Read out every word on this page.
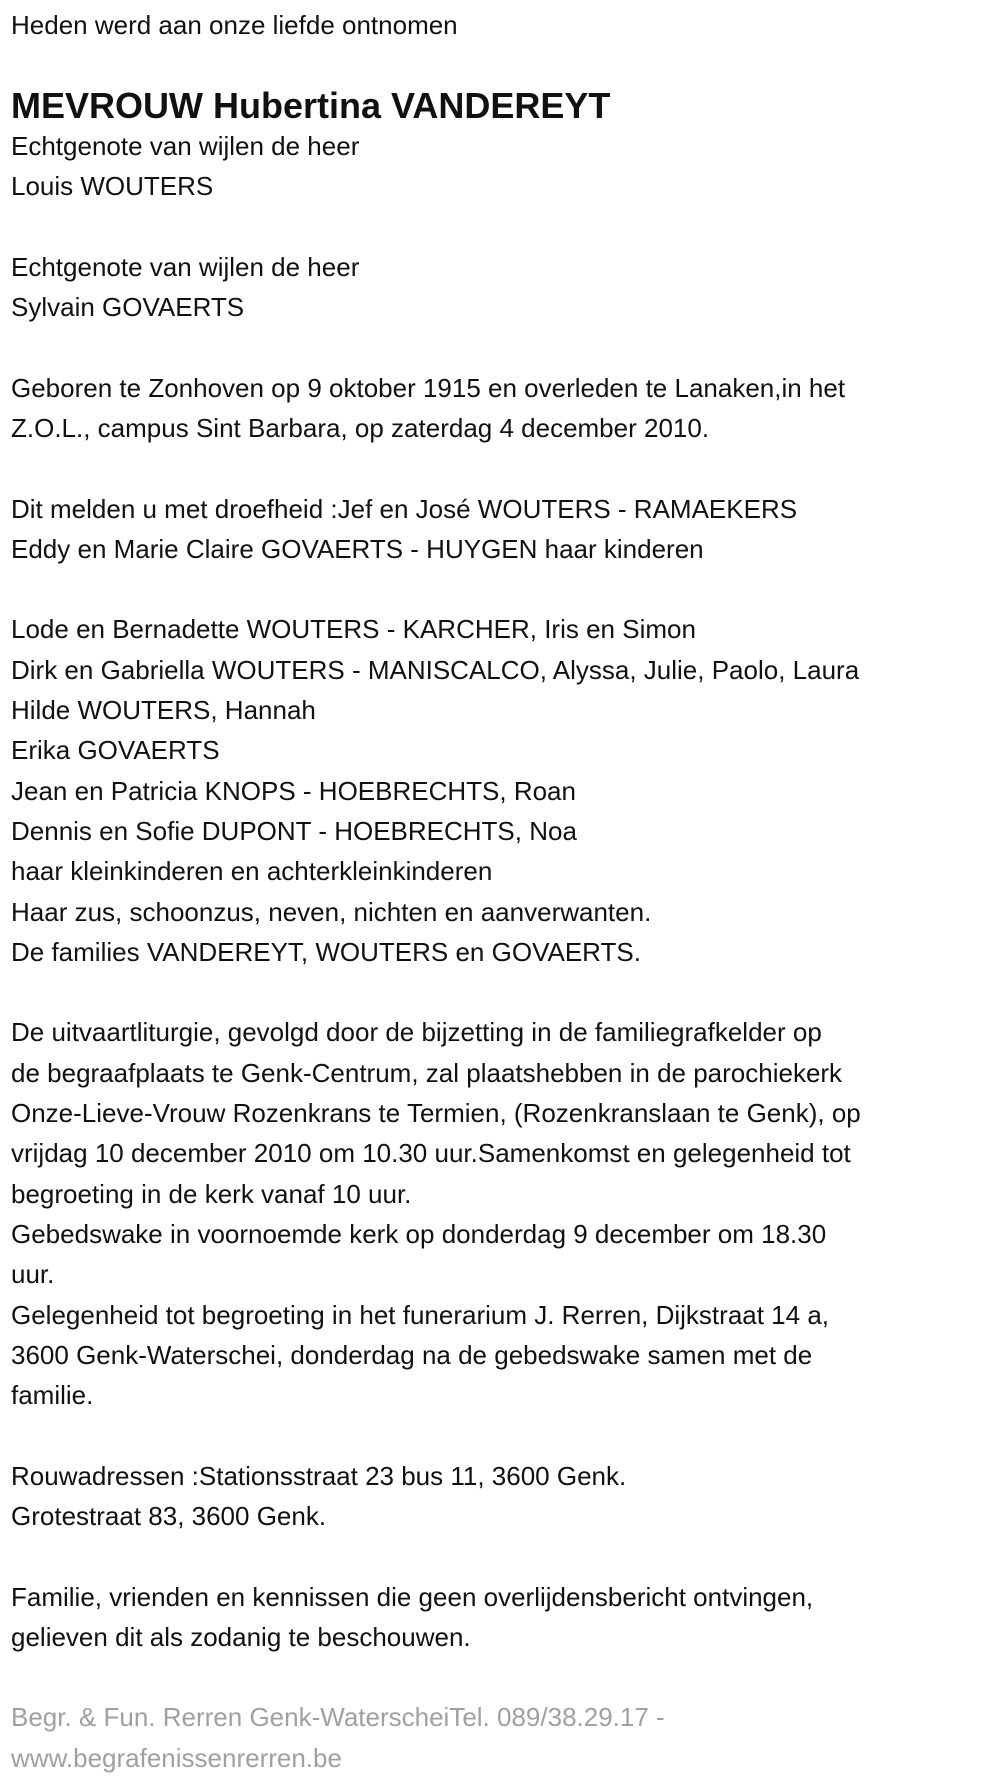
Heden werd aan onze liefde ontnomen
MEVROUW Hubertina VANDEREYT
Echtgenote van wijlen de heer
Louis WOUTERS
Echtgenote van wijlen de heer
Sylvain GOVAERTS
Geboren te Zonhoven op 9 oktober 1915 en overleden te Lanaken,in het
Z.O.L., campus Sint Barbara, op zaterdag 4 december 2010.
Dit melden u met droefheid :Jef en José WOUTERS - RAMAEKERS
Eddy en Marie Claire GOVAERTS - HUYGEN haar kinderen
Lode en Bernadette WOUTERS - KARCHER, Iris en Simon
Dirk en Gabriella WOUTERS - MANISCALCO, Alyssa, Julie, Paolo, Laura
Hilde WOUTERS, Hannah
Erika GOVAERTS
Jean en Patricia KNOPS - HOEBRECHTS, Roan
Dennis en Sofie DUPONT - HOEBRECHTS, Noa
haar kleinkinderen en achterkleinkinderen
Haar zus, schoonzus, neven, nichten en aanverwanten.
De families VANDEREYT, WOUTERS en GOVAERTS.
De uitvaartliturgie, gevolgd door de bijzetting in de familiegrafkelder op
de begraafplaats te Genk-Centrum, zal plaatshebben in de parochiekerk
Onze-Lieve-Vrouw Rozenkrans te Termien, (Rozenkranslaan te Genk), op
vrijdag 10 december 2010 om 10.30 uur.Samenkomst en gelegenheid tot
begroeting in de kerk vanaf 10 uur.
Gebedswake in voornoemde kerk op donderdag 9 december om 18.30
uur.
Gelegenheid tot begroeting in het funerarium J. Rerren, Dijkstraat 14 a,
3600 Genk-Waterschei, donderdag na de gebedswake samen met de
familie.
Rouwadressen :Stationsstraat 23 bus 11, 3600 Genk.
Grotestraat 83, 3600 Genk.
Familie, vrienden en kennissen die geen overlijdensbericht ontvingen,
gelieven dit als zodanig te beschouwen.
Begr. & Fun. Rerren Genk-WaterscheiTel. 089/38.29.17 -
www.begrafenissenrerren.be
